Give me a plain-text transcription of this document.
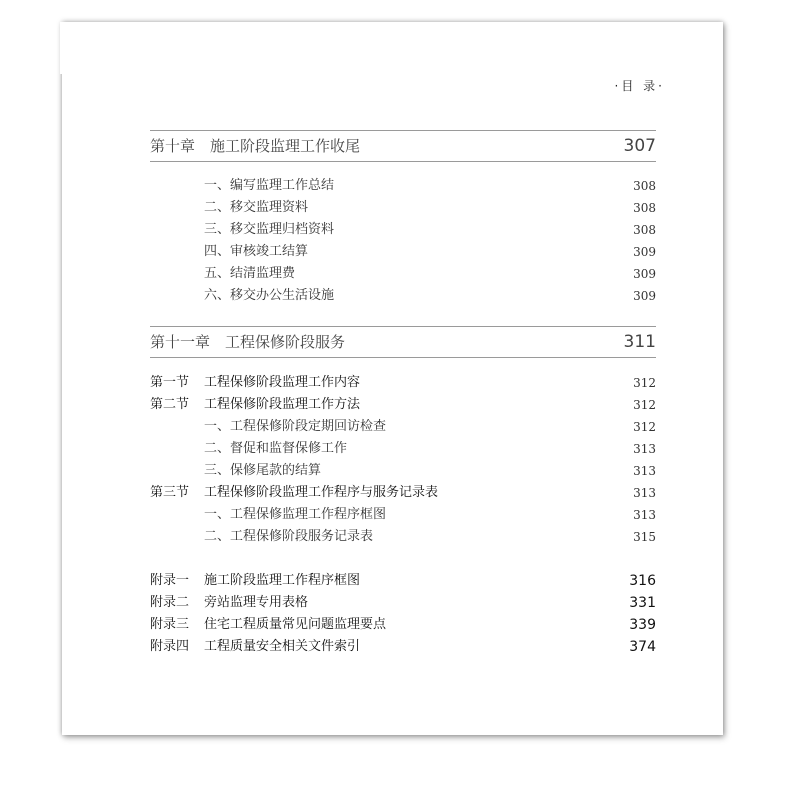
·目 录·
第十章　施工阶段监理工作收尾	307
一、编写监理工作总结	308
二、移交监理资料	308
三、移交监理归档资料	308
四、审核竣工结算	309
五、结清监理费	309
六、移交办公生活设施	309
第十一章　工程保修阶段服务	311
第一节 工程保修阶段监理工作内容	312
第二节 工程保修阶段监理工作方法	312
一、工程保修阶段定期回访检查	312
二、督促和监督保修工作	313
三、保修尾款的结算	313
第三节 工程保修阶段监理工作程序与服务记录表	313
一、工程保修监理工作程序框图	313
二、工程保修阶段服务记录表	315
附录一 施工阶段监理工作程序框图	316
附录二 旁站监理专用表格	331
附录三 住宅工程质量常见问题监理要点	339
附录四 工程质量安全相关文件索引	374
